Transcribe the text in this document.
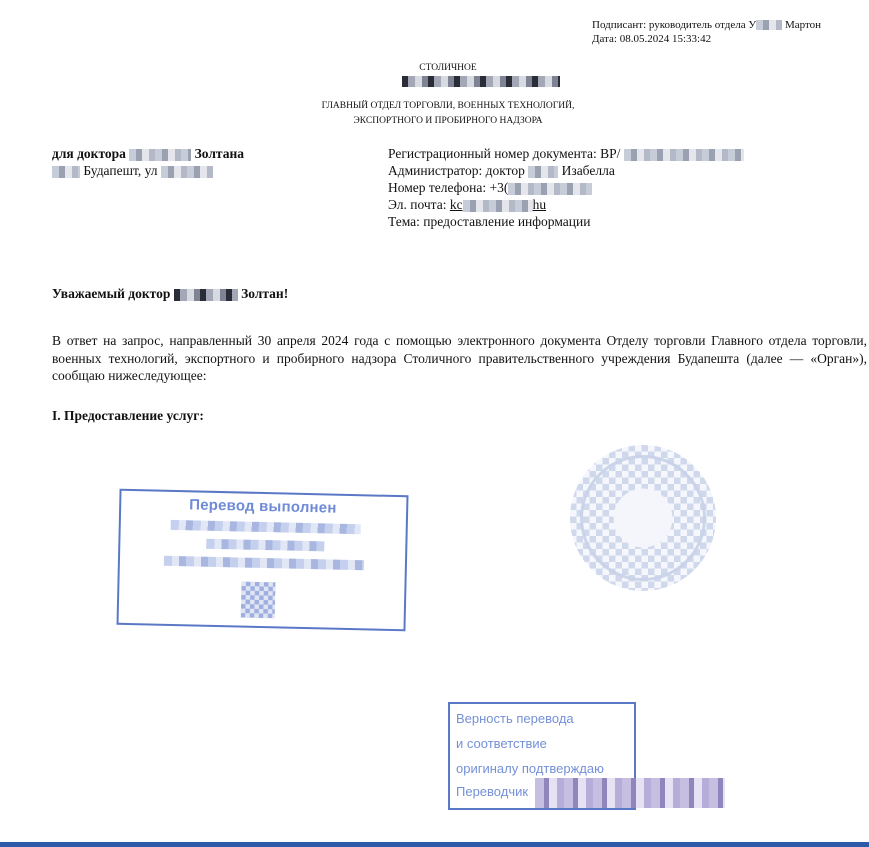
Подписант: руководитель отдела У	Мартон
Дата: 08.05.2024 15:33:42
СТОЛИЧНОЕ
ГЛАВНЫЙ ОТДЕЛ ТОРГОВЛИ, ВОЕННЫХ ТЕХНОЛОГИЙ,
ЭКСПОРТНОГО И ПРОБИРНОГО НАДЗОРА
для доктора	Золтана
Будапешт, ул
Регистрационный номер документа: ВР/
Администратор: доктор	Изабелла
Номер телефона: +3(
Эл. почта: kc	hu
Тема: предоставление информации
Уважаемый доктор	Золтан!
В ответ на запрос, направленный 30 апреля 2024 года с помощью электронного документа Отделу торговли Главного отдела торговли, военных технологий, экспортного и пробирного надзора Столичного правительственного учреждения Будапешта (далее — «Орган»), сообщаю нижеследующее:
I. Предоставление услуг:
Перевод выполнен
Верность перевода
и соответствие
оригиналу подтверждаю
Переводчик
